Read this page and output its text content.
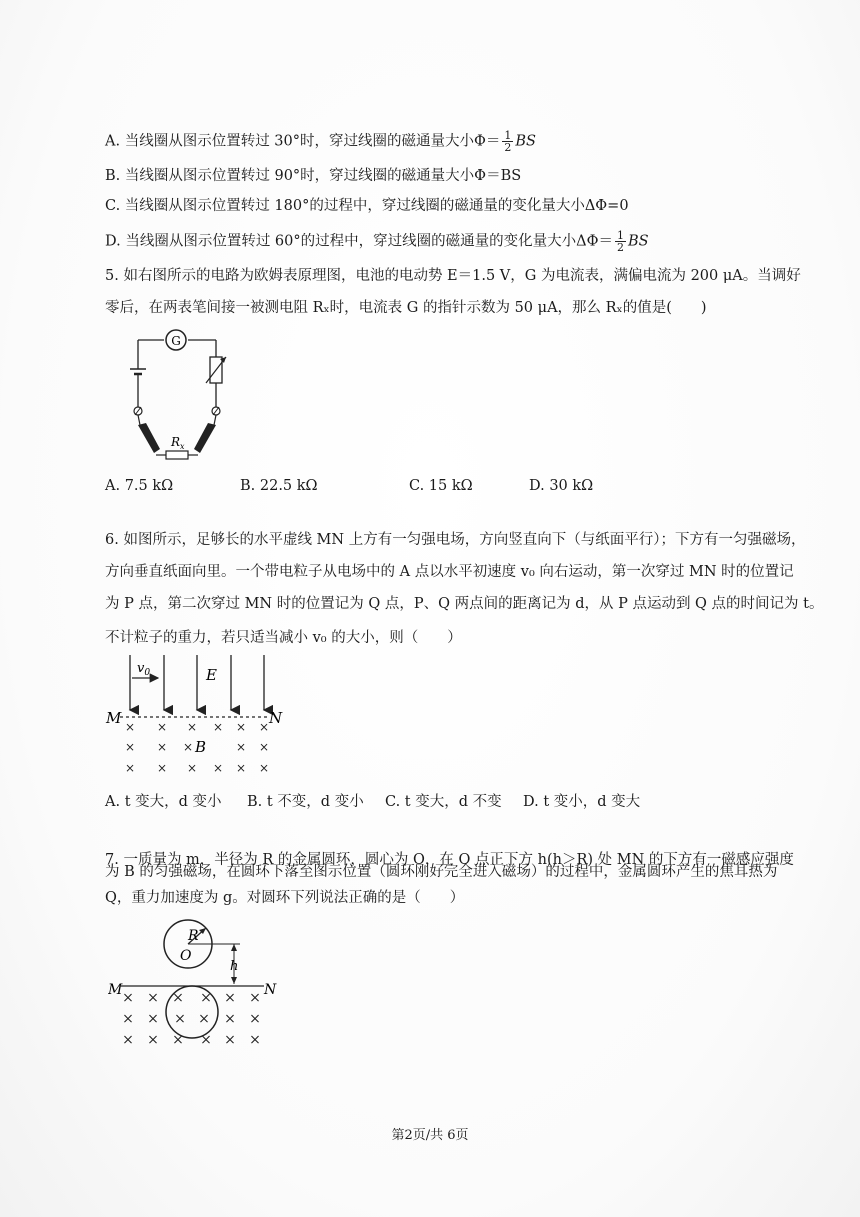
A. 当线圈从图示位置转过 30°时，穿过线圈的磁通量大小$\Phi= \frac{1}{2}$ BS
B. 当线圈从图示位置转过 90°时，穿过线圈的磁通量大小Φ＝BS
C. 当线圈从图示位置转过 180°的过程中，穿过线圈的磁通量的变化量大小ΔΦ=0
D. 当线圈从图示位置转过 60°的过程中，穿过线圈的磁通量的变化量大小$\Delta\Phi= \frac{1}{2}$ BS
5. 如右图所示的电路为欧姆表原理图，电池的电动势 E＝1.5 V，G 为电流表，满偏电流为 200 μA。当调好
零后，在两表笔间接一被测电阻 Rₓ时，电流表 G 的指针示数为 50 μA，那么 Rₓ的值是(　　)
G
$R_x$
A. 7.5 kΩ	B. 22.5 kΩ	C. 15 kΩ	D. 30 kΩ
6. 如图所示，足够长的水平虚线 MN 上方有一匀强电场，方向竖直向下（与纸面平行）；下方有一匀强磁场，
方向垂直纸面向里。一个带电粒子从电场中的 A 点以水平初速度 v₀ 向右运动，第一次穿过 MN 时的位置记
为 P 点，第二次穿过 MN 时的位置记为 Q 点，P、Q 两点间的距离记为 d，从 P 点运动到 Q 点的时间记为 t。
不计粒子的重力，若只适当减小 v₀ 的大小，则（　　）
$v_0$	E
M	N
× × × × × ×
× × ×	× ×
× × × × × ×
B
A. t 变大，d 变小 B. t 不变，d 变小 C. t 变大，d 不变 D. t 变小，d 变大
7. 一质量为 m，半径为 R 的金属圆环，圆心为 O，在 O 点正下方 h(h＞R) 处 MN 的下方有一磁感应强度
为 B 的匀强磁场，在圆环下落至图示位置（圆环刚好完全进入磁场）的过程中，金属圆环产生的焦耳热为
Q，重力加速度为 g。对圆环下列说法正确的是（　　）
R
O
h
M	N
× × × × × ×
× × × × × ×
× × × × × ×
第2页/共 6页
